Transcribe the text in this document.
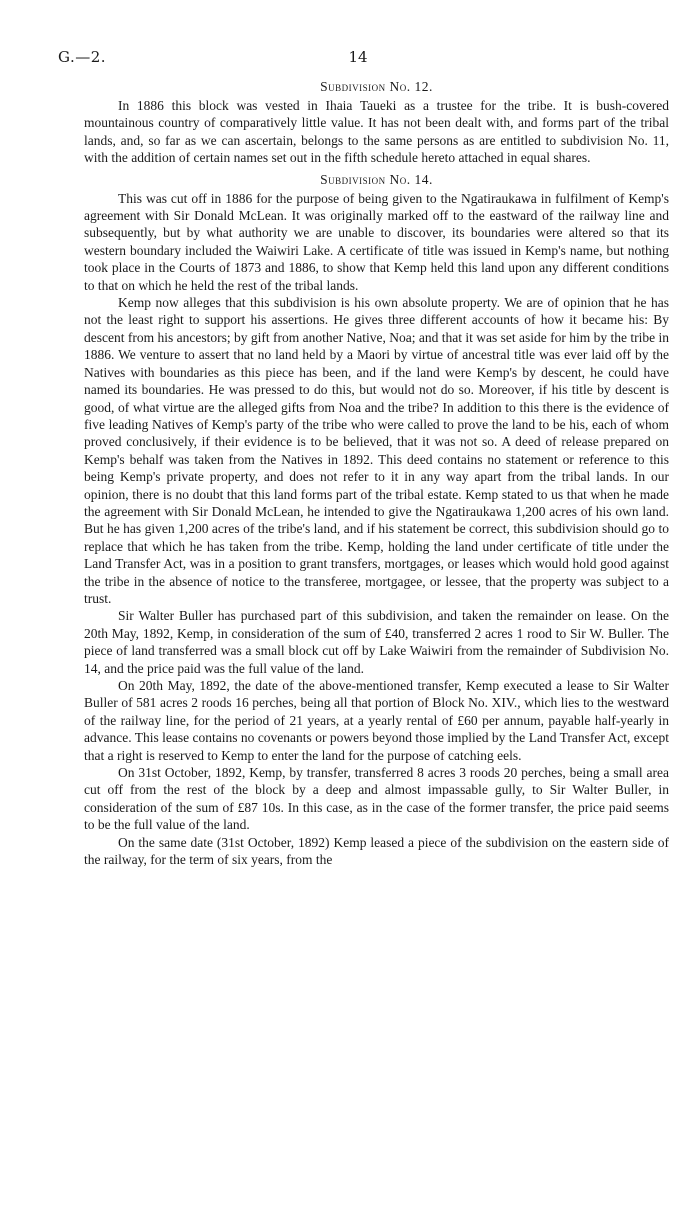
G.—2.	14
Subdivision No. 12.

In 1886 this block was vested in Ihaia Taueki as a trustee for the tribe. It is bush-covered mountainous country of comparatively little value. It has not been dealt with, and forms part of the tribal lands, and, so far as we can ascertain, belongs to the same persons as are entitled to subdivision No. 11, with the addition of certain names set out in the fifth schedule hereto attached in equal shares.

Subdivision No. 14.

This was cut off in 1886 for the purpose of being given to the Ngatiraukawa in fulfilment of Kemp's agreement with Sir Donald McLean. It was originally marked off to the eastward of the railway line and subsequently, but by what authority we are unable to discover, its boundaries were altered so that its western boundary included the Waiwiri Lake. A certificate of title was issued in Kemp's name, but nothing took place in the Courts of 1873 and 1886, to show that Kemp held this land upon any different conditions to that on which he held the rest of the tribal lands.

Kemp now alleges that this subdivision is his own absolute property. We are of opinion that he has not the least right to support his assertions. He gives three different accounts of how it became his: By descent from his ancestors; by gift from another Native, Noa; and that it was set aside for him by the tribe in 1886. We venture to assert that no land held by a Maori by virtue of ancestral title was ever laid off by the Natives with boundaries as this piece has been, and if the land were Kemp's by descent, he could have named its boundaries. He was pressed to do this, but would not do so. Moreover, if his title by descent is good, of what virtue are the alleged gifts from Noa and the tribe? In addition to this there is the evidence of five leading Natives of Kemp's party of the tribe who were called to prove the land to be his, each of whom proved conclusively, if their evidence is to be believed, that it was not so. A deed of release prepared on Kemp's behalf was taken from the Natives in 1892. This deed contains no statement or reference to this being Kemp's private property, and does not refer to it in any way apart from the tribal lands. In our opinion, there is no doubt that this land forms part of the tribal estate. Kemp stated to us that when he made the agreement with Sir Donald McLean, he intended to give the Ngatiraukawa 1,200 acres of his own land. But he has given 1,200 acres of the tribe's land, and if his statement be correct, this subdivision should go to replace that which he has taken from the tribe. Kemp, holding the land under certificate of title under the Land Transfer Act, was in a position to grant transfers, mortgages, or leases which would hold good against the tribe in the absence of notice to the transferee, mortgagee, or lessee, that the property was subject to a trust.

Sir Walter Buller has purchased part of this subdivision, and taken the remainder on lease. On the 20th May, 1892, Kemp, in consideration of the sum of £40, transferred 2 acres 1 rood to Sir W. Buller. The piece of land transferred was a small block cut off by Lake Waiwiri from the remainder of Subdivision No. 14, and the price paid was the full value of the land.

On 20th May, 1892, the date of the above-mentioned transfer, Kemp executed a lease to Sir Walter Buller of 581 acres 2 roods 16 perches, being all that portion of Block No. XIV., which lies to the westward of the railway line, for the period of 21 years, at a yearly rental of £60 per annum, payable half-yearly in advance. This lease contains no covenants or powers beyond those implied by the Land Transfer Act, except that a right is reserved to Kemp to enter the land for the purpose of catching eels.

On 31st October, 1892, Kemp, by transfer, transferred 8 acres 3 roods 20 perches, being a small area cut off from the rest of the block by a deep and almost impassable gully, to Sir Walter Buller, in consideration of the sum of £87 10s. In this case, as in the case of the former transfer, the price paid seems to be the full value of the land.

On the same date (31st October, 1892) Kemp leased a piece of the subdivision on the eastern side of the railway, for the term of six years, from the
